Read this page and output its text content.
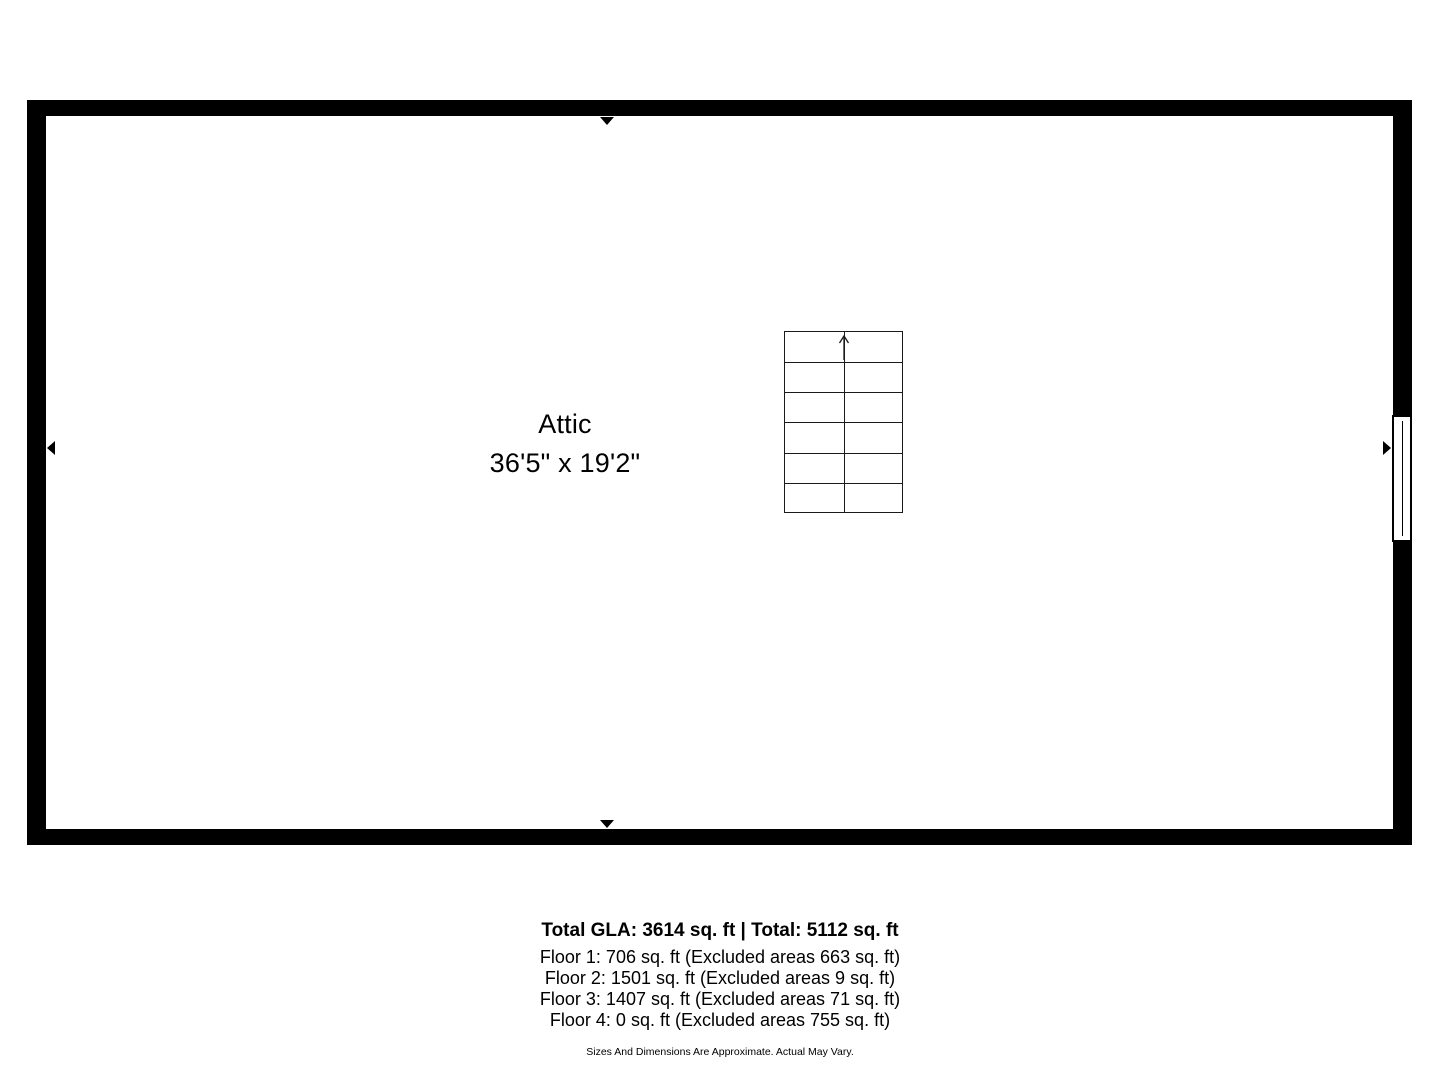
Attic
36'5" x 19'2"
Total GLA: 3614 sq. ft | Total: 5112 sq. ft
Floor 1: 706 sq. ft (Excluded areas 663 sq. ft)
Floor 2: 1501 sq. ft (Excluded areas 9 sq. ft)
Floor 3: 1407 sq. ft (Excluded areas 71 sq. ft)
Floor 4: 0 sq. ft (Excluded areas 755 sq. ft)
Sizes And Dimensions Are Approximate. Actual May Vary.
